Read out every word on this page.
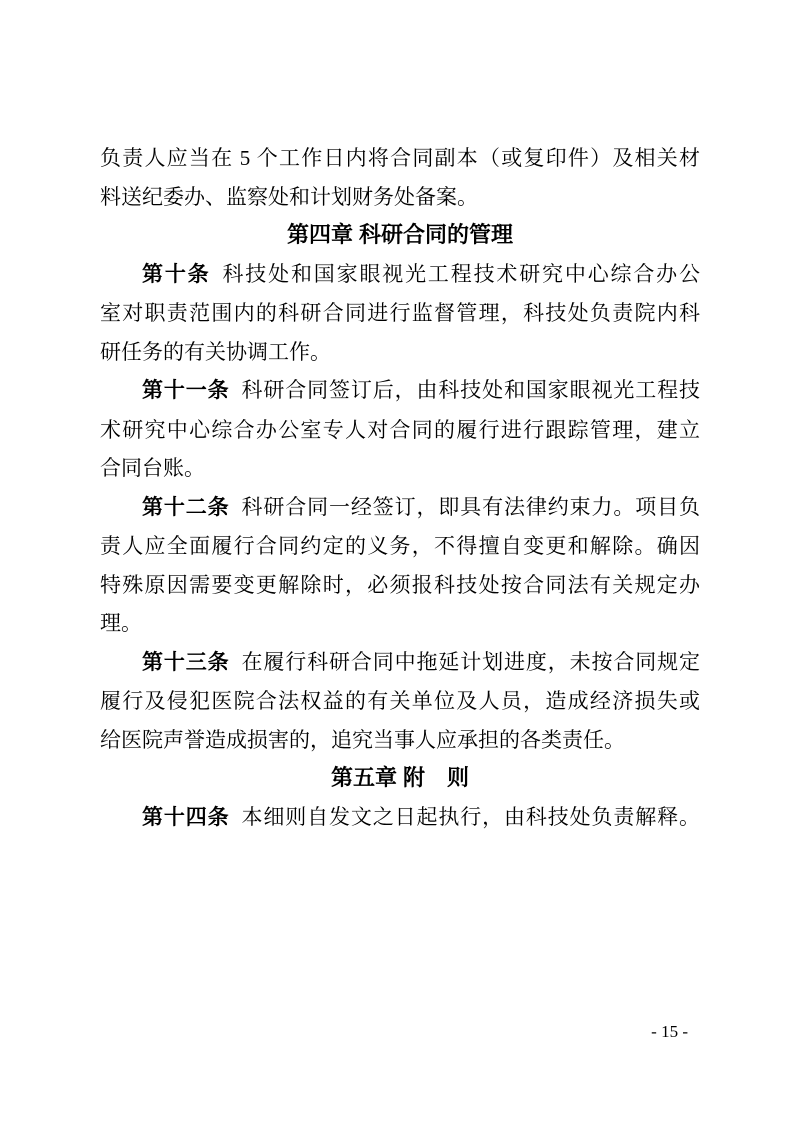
负责人应当在 5 个工作日内将合同副本（或复印件）及相关材
料送纪委办、监察处和计划财务处备案。
第四章 科研合同的管理
第十条 科技处和国家眼视光工程技术研究中心综合办公
室对职责范围内的科研合同进行监督管理，科技处负责院内科
研任务的有关协调工作。
第十一条 科研合同签订后，由科技处和国家眼视光工程技
术研究中心综合办公室专人对合同的履行进行跟踪管理，建立
合同台账。
第十二条 科研合同一经签订，即具有法律约束力。项目负
责人应全面履行合同约定的义务，不得擅自变更和解除。确因
特殊原因需要变更解除时，必须报科技处按合同法有关规定办
理。
第十三条 在履行科研合同中拖延计划进度，未按合同规定
履行及侵犯医院合法权益的有关单位及人员，造成经济损失或
给医院声誉造成损害的，追究当事人应承担的各类责任。
第五章 附　则
第十四条 本细则自发文之日起执行，由科技处负责解释。
- 15 -
